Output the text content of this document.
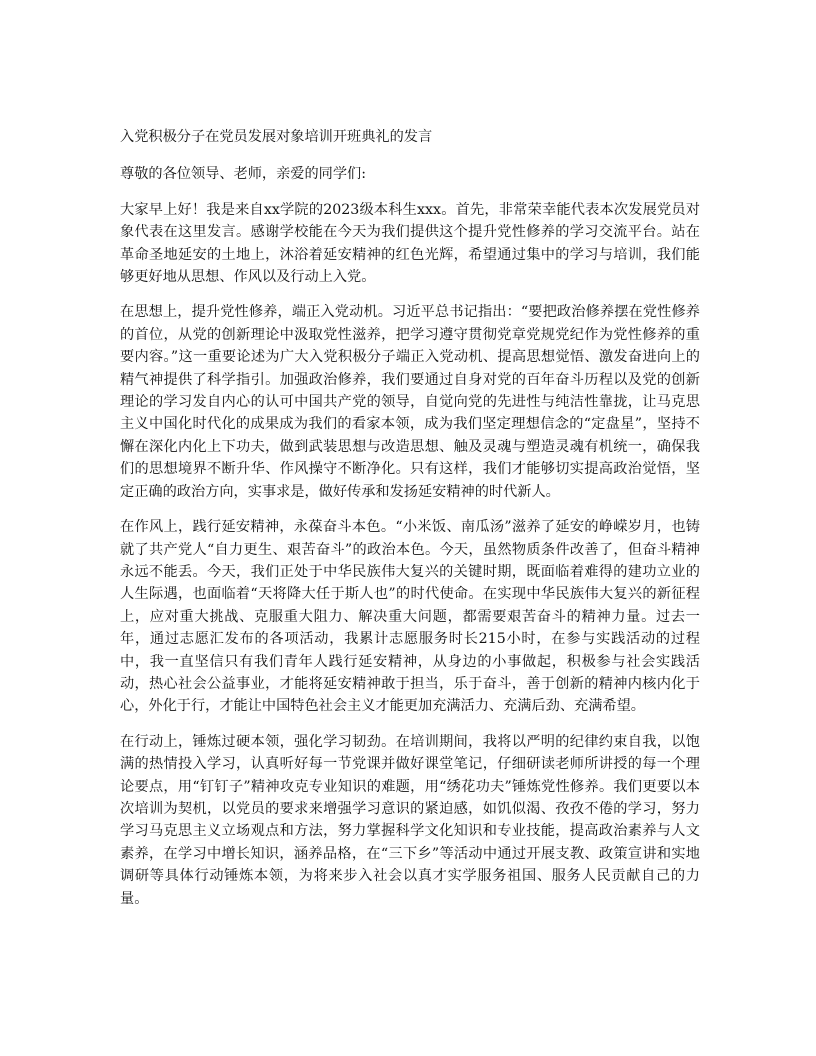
入党积极分子在党员发展对象培训开班典礼的发言

尊敬的各位领导、老师，亲爱的同学们:

大家早上好！我是来自xx学院的2023级本科生xxx。首先，非常荣幸能代表本次发展党员对象代表在这里发言。感谢学校能在今天为我们提供这个提升党性修养的学习交流平台。站在革命圣地延安的土地上，沐浴着延安精神的红色光辉，希望通过集中的学习与培训，我们能够更好地从思想、作风以及行动上入党。

在思想上，提升党性修养，端正入党动机。习近平总书记指出：“要把政治修养摆在党性修养的首位，从党的创新理论中汲取党性滋养，把学习遵守贯彻党章党规党纪作为党性修养的重要内容。”这一重要论述为广大入党积极分子端正入党动机、提高思想觉悟、激发奋进向上的精气神提供了科学指引。加强政治修养，我们要通过自身对党的百年奋斗历程以及党的创新理论的学习发自内心的认可中国共产党的领导，自觉向党的先进性与纯洁性靠拢，让马克思主义中国化时代化的成果成为我们的看家本领，成为我们坚定理想信念的“定盘星”，坚持不懈在深化内化上下功夫，做到武装思想与改造思想、触及灵魂与塑造灵魂有机统一，确保我们的思想境界不断升华、作风操守不断净化。只有这样，我们才能够切实提高政治觉悟，坚定正确的政治方向，实事求是，做好传承和发扬延安精神的时代新人。

在作风上，践行延安精神，永葆奋斗本色。“小米饭、南瓜汤”滋养了延安的峥嵘岁月，也铸就了共产党人“自力更生、艰苦奋斗”的政治本色。今天，虽然物质条件改善了，但奋斗精神永远不能丢。今天，我们正处于中华民族伟大复兴的关键时期，既面临着难得的建功立业的人生际遇，也面临着“天将降大任于斯人也”的时代使命。在实现中华民族伟大复兴的新征程上，应对重大挑战、克服重大阻力、解决重大问题，都需要艰苦奋斗的精神力量。过去一年，通过志愿汇发布的各项活动，我累计志愿服务时长215小时，在参与实践活动的过程中，我一直坚信只有我们青年人践行延安精神，从身边的小事做起，积极参与社会实践活动，热心社会公益事业，才能将延安精神敢于担当，乐于奋斗，善于创新的精神内核内化于心，外化于行，才能让中国特色社会主义才能更加充满活力、充满后劲、充满希望。

在行动上，锤炼过硬本领，强化学习韧劲。在培训期间，我将以严明的纪律约束自我，以饱满的热情投入学习，认真听好每一节党课并做好课堂笔记，仔细研读老师所讲授的每一个理论要点，用“钉钉子”精神攻克专业知识的难题，用“绣花功夫”锤炼党性修养。我们更要以本次培训为契机，以党员的要求来增强学习意识的紧迫感，如饥似渴、孜孜不倦的学习，努力学习马克思主义立场观点和方法，努力掌握科学文化知识和专业技能，提高政治素养与人文素养，在学习中增长知识，涵养品格，在“三下乡”等活动中通过开展支教、政策宣讲和实地调研等具体行动锤炼本领，为将来步入社会以真才实学服务祖国、服务人民贡献自己的力量。
